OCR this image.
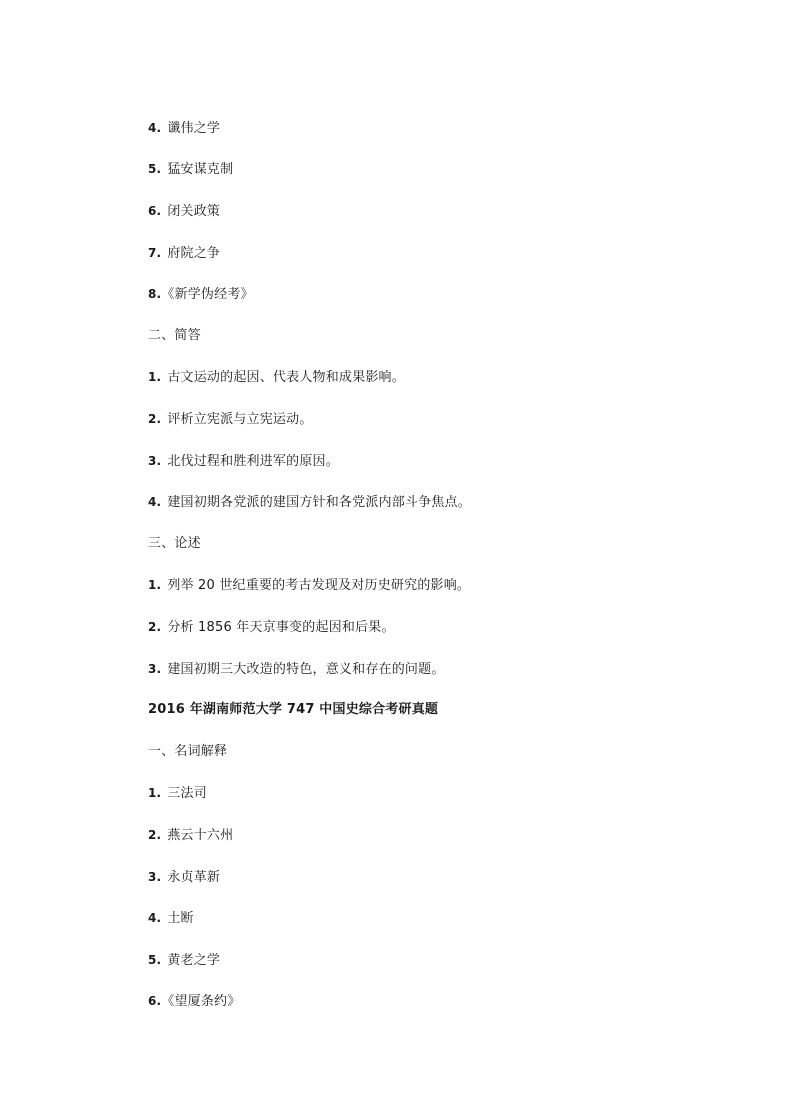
4. 谶伟之学
5. 猛安谋克制
6. 闭关政策
7. 府院之争
8.《新学伪经考》
二、简答
1. 古文运动的起因、代表人物和成果影响。
2. 评析立宪派与立宪运动。
3. 北伐过程和胜利进军的原因。
4. 建国初期各党派的建国方针和各党派内部斗争焦点。
三、论述
1. 列举 20 世纪重要的考古发现及对历史研究的影响。
2. 分析 1856 年天京事变的起因和后果。
3. 建国初期三大改造的特色，意义和存在的问题。
2016 年湖南师范大学 747 中国史综合考研真题
一、名词解释
1. 三法司
2. 燕云十六州
3. 永贞革新
4. 土断
5. 黄老之学
6.《望厦条约》
